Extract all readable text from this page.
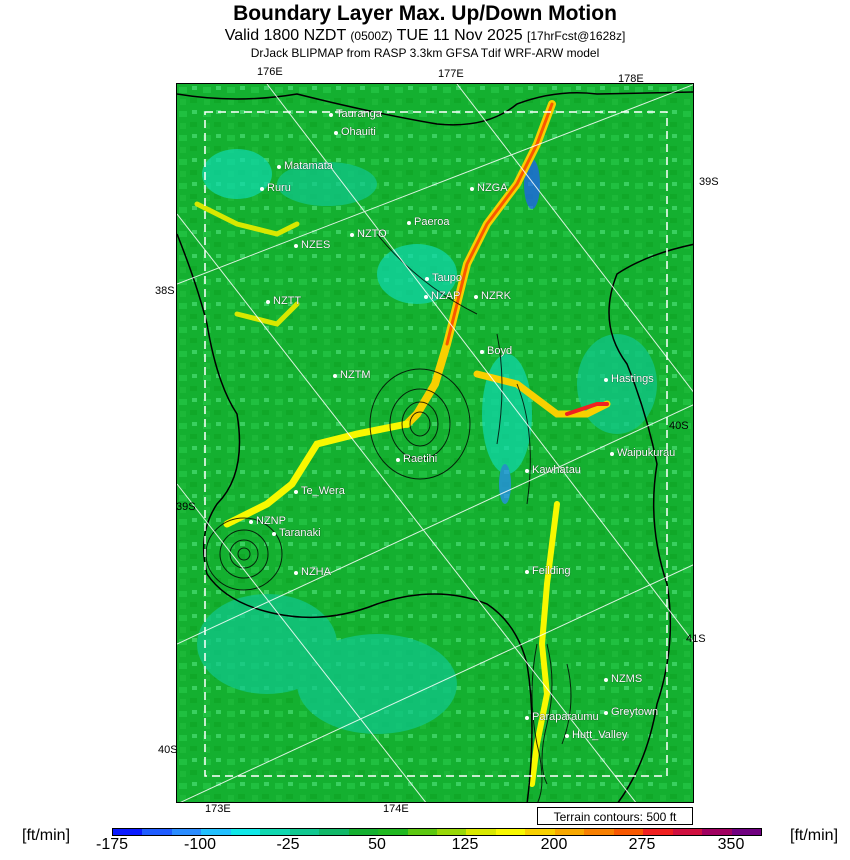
Boundary Layer Max. Up/Down Motion
Valid 1800 NZDT (0500Z) TUE 11 Nov 2025 [17hrFcst@1628z]
DrJack BLIPMAP from RASP 3.3km GFSA Tdif WRF-ARW model
176E	177E	178E
173E	174E
39S
38S
40S
39S
41S
40S
Tauranga
Ohauiti
Matamata
Ruru	NZGA
Paeroa
NZES
NZTO
Taupo
NZAP NZRK
NZTT
Boyd
Hastings
NZTM
Raetihi	Waipukurau
Kawhatau
Te_Wera
NZNP
Taranaki
NZHA	Feilding
NZMS
Greytown
Paraparaumu
Hutt_Valley
Terrain contours: 500 ft
[ft/min]	[ft/min]
-175	-100	-25	50	125	200	275	350
